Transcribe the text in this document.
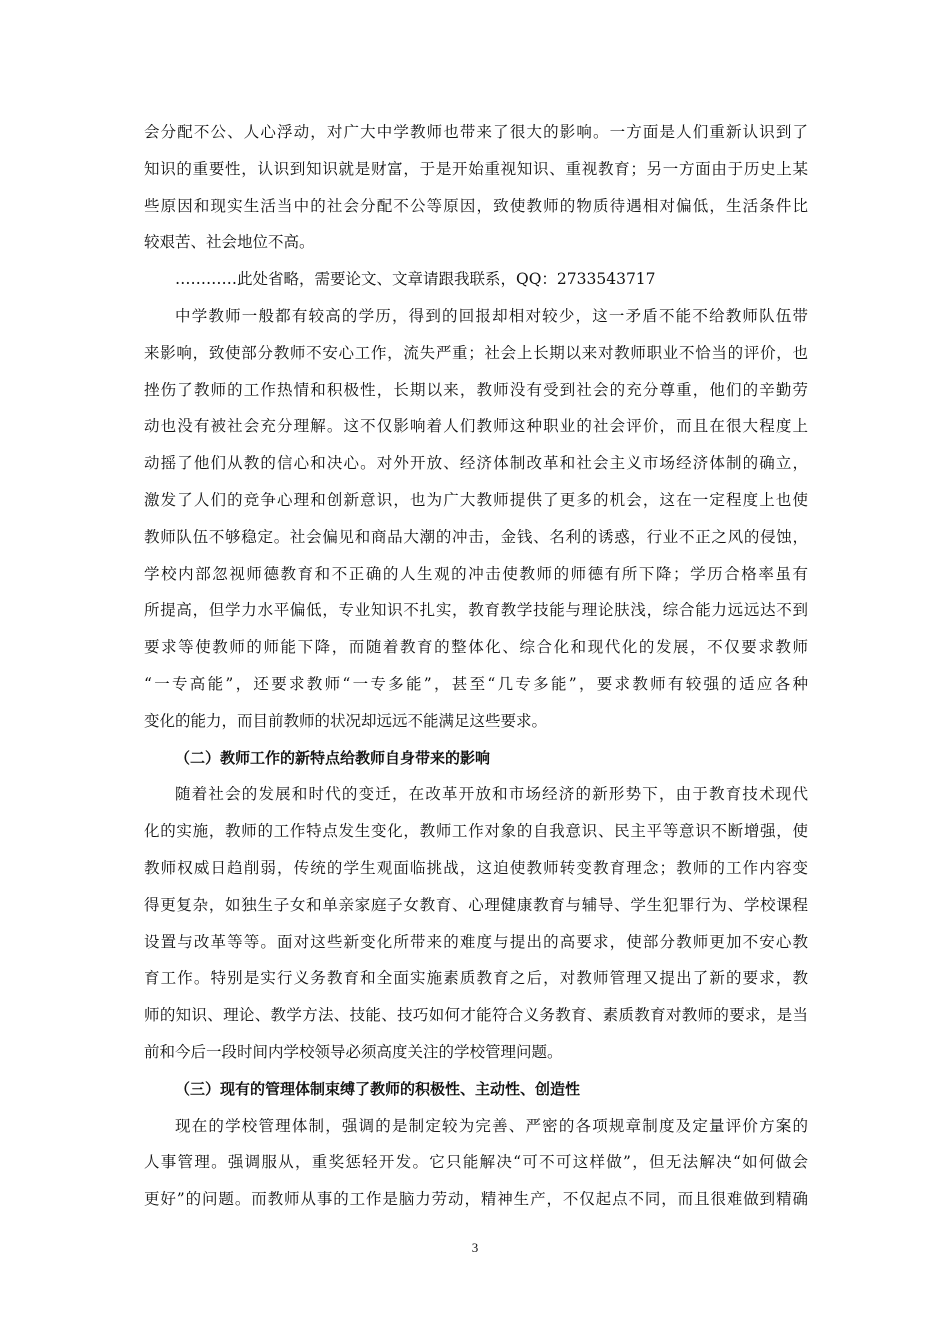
会分配不公、人心浮动，对广大中学教师也带来了很大的影响。一方面是人们重新认识到了
知识的重要性，认识到知识就是财富，于是开始重视知识、重视教育；另一方面由于历史上某
些原因和现实生活当中的社会分配不公等原因，致使教师的物质待遇相对偏低，生活条件比
较艰苦、社会地位不高。
…………此处省略，需要论文、文章请跟我联系，QQ：2733543717
中学教师一般都有较高的学历，得到的回报却相对较少，这一矛盾不能不给教师队伍带
来影响，致使部分教师不安心工作，流失严重；社会上长期以来对教师职业不恰当的评价，也
挫伤了教师的工作热情和积极性，长期以来，教师没有受到社会的充分尊重，他们的辛勤劳
动也没有被社会充分理解。这不仅影响着人们教师这种职业的社会评价，而且在很大程度上
动摇了他们从教的信心和决心。对外开放、经济体制改革和社会主义市场经济体制的确立，
激发了人们的竞争心理和创新意识，也为广大教师提供了更多的机会，这在一定程度上也使
教师队伍不够稳定。社会偏见和商品大潮的冲击，金钱、名利的诱惑，行业不正之风的侵蚀，
学校内部忽视师德教育和不正确的人生观的冲击使教师的师德有所下降；学历合格率虽有
所提高，但学力水平偏低，专业知识不扎实，教育教学技能与理论肤浅，综合能力远远达不到
要求等使教师的师能下降，而随着教育的整体化、综合化和现代化的发展，不仅要求教师
“一专高能”，还要求教师“一专多能”，甚至“几专多能”，要求教师有较强的适应各种
变化的能力，而目前教师的状况却远远不能满足这些要求。
（二）教师工作的新特点给教师自身带来的影响
随着社会的发展和时代的变迁，在改革开放和市场经济的新形势下，由于教育技术现代
化的实施，教师的工作特点发生变化，教师工作对象的自我意识、民主平等意识不断增强，使
教师权威日趋削弱，传统的学生观面临挑战，这迫使教师转变教育理念；教师的工作内容变
得更复杂，如独生子女和单亲家庭子女教育、心理健康教育与辅导、学生犯罪行为、学校课程
设置与改革等等。面对这些新变化所带来的难度与提出的高要求，使部分教师更加不安心教
育工作。特别是实行义务教育和全面实施素质教育之后，对教师管理又提出了新的要求，教
师的知识、理论、教学方法、技能、技巧如何才能符合义务教育、素质教育对教师的要求，是当
前和今后一段时间内学校领导必须高度关注的学校管理问题。
（三）现有的管理体制束缚了教师的积极性、主动性、创造性
现在的学校管理体制，强调的是制定较为完善、严密的各项规章制度及定量评价方案的
人事管理。强调服从，重奖惩轻开发。它只能解决“可不可这样做”，但无法解决“如何做会
更好”的问题。而教师从事的工作是脑力劳动，精神生产，不仅起点不同，而且很难做到精确
3
